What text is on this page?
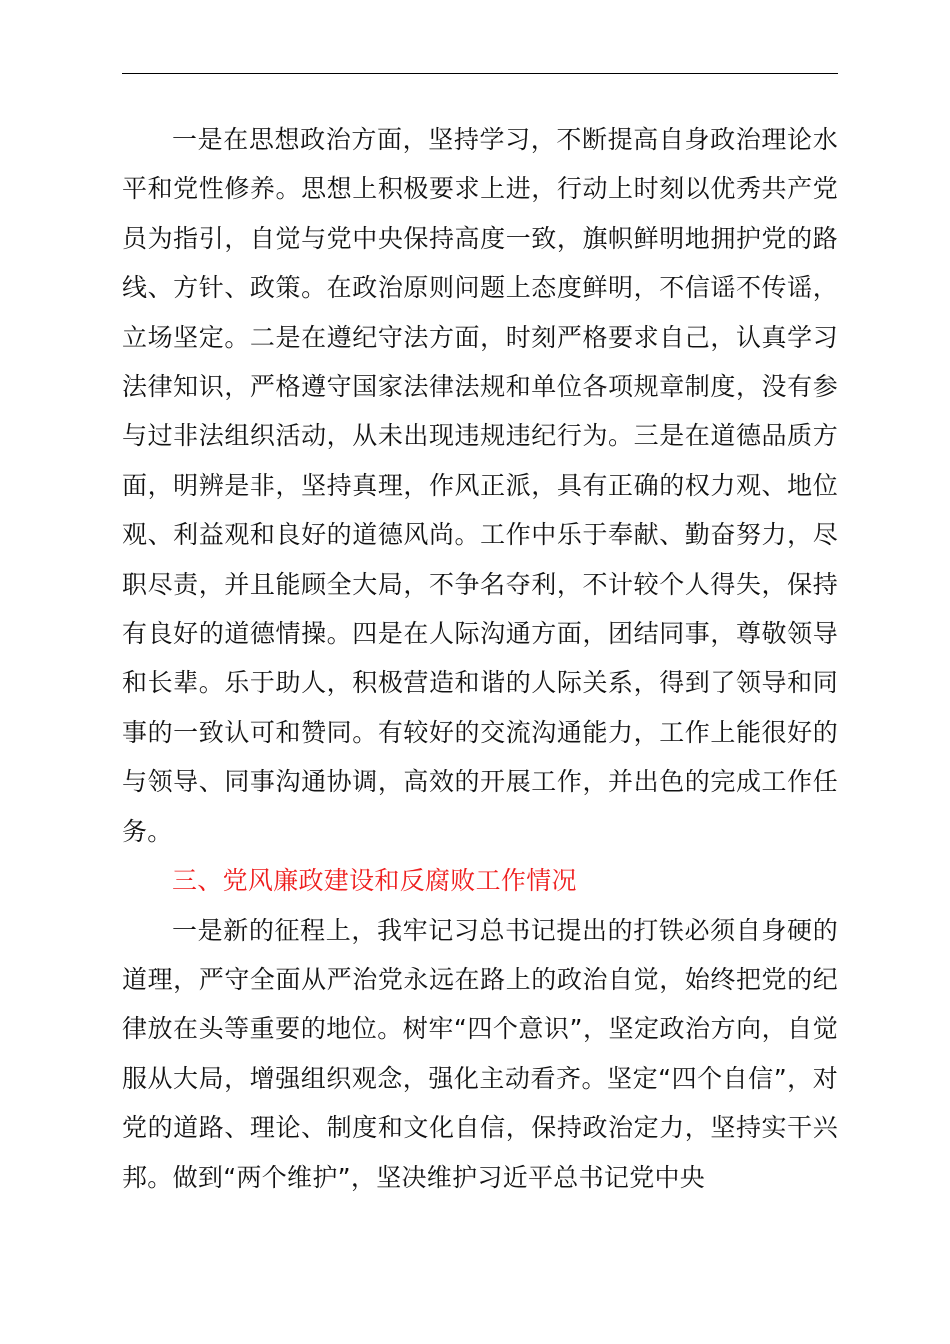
一是在思想政治方面，坚持学习，不断提高自身政治理论水平和党性修养。思想上积极要求上进，行动上时刻以优秀共产党员为指引，自觉与党中央保持高度一致，旗帜鲜明地拥护党的路线、方针、政策。在政治原则问题上态度鲜明，不信谣不传谣，立场坚定。二是在遵纪守法方面，时刻严格要求自己，认真学习法律知识，严格遵守国家法律法规和单位各项规章制度，没有参与过非法组织活动，从未出现违规违纪行为。三是在道德品质方面，明辨是非，坚持真理，作风正派，具有正确的权力观、地位观、利益观和良好的道德风尚。工作中乐于奉献、勤奋努力，尽职尽责，并且能顾全大局，不争名夺利，不计较个人得失，保持有良好的道德情操。四是在人际沟通方面，团结同事，尊敬领导和长辈。乐于助人，积极营造和谐的人际关系，得到了领导和同事的一致认可和赞同。有较好的交流沟通能力，工作上能很好的与领导、同事沟通协调，高效的开展工作，并出色的完成工作任务。

三、党风廉政建设和反腐败工作情况

一是新的征程上，我牢记习总书记提出的打铁必须自身硬的道理，严守全面从严治党永远在路上的政治自觉，始终把党的纪律放在头等重要的地位。树牢“四个意识”，坚定政治方向，自觉服从大局，增强组织观念，强化主动看齐。坚定“四个自信”，对党的道路、理论、制度和文化自信，保持政治定力，坚持实干兴邦。做到“两个维护”，坚决维护习近平总书记党中央
